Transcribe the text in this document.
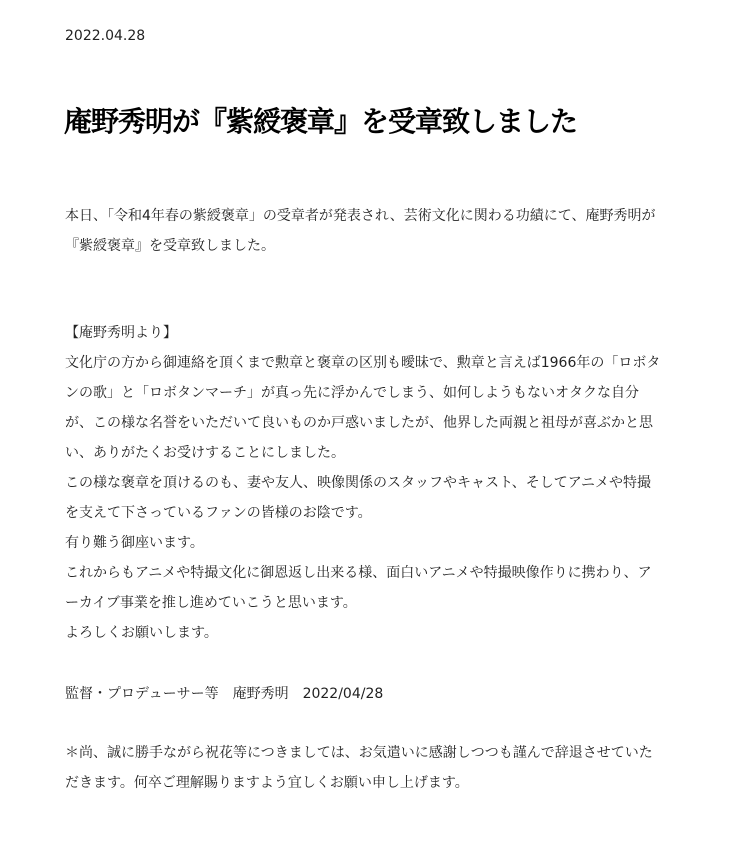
2022.04.28
庵野秀明が『紫綬褒章』を受章致しました

本日、「令和4年春の紫綬褒章」の受章者が発表され、芸術文化に関わる功績にて、庵野秀明が『紫綬褒章』を受章致しました。

【庵野秀明より】

文化庁の方から御連絡を頂くまで勲章と褒章の区別も曖昧で、勲章と言えば1966年の「ロボタンの歌」と「ロボタンマーチ」が真っ先に浮かんでしまう、如何しようもないオタクな自分が、この様な名誉をいただいて良いものか戸惑いましたが、他界した両親と祖母が喜ぶかと思い、ありがたくお受けすることにしました。

この様な褒章を頂けるのも、妻や友人、映像関係のスタッフやキャスト、そしてアニメや特撮を支えて下さっているファンの皆様のお陰です。

有り難う御座います。

これからもアニメや特撮文化に御恩返し出来る様、面白いアニメや特撮映像作りに携わり、アーカイブ事業を推し進めていこうと思います。

よろしくお願いします。

監督・プロデューサー等　庵野秀明　2022/04/28

＊尚、誠に勝手ながら祝花等につきましては、お気遣いに感謝しつつも謹んで辞退させていただきます。何卒ご理解賜りますよう宜しくお願い申し上げます。
